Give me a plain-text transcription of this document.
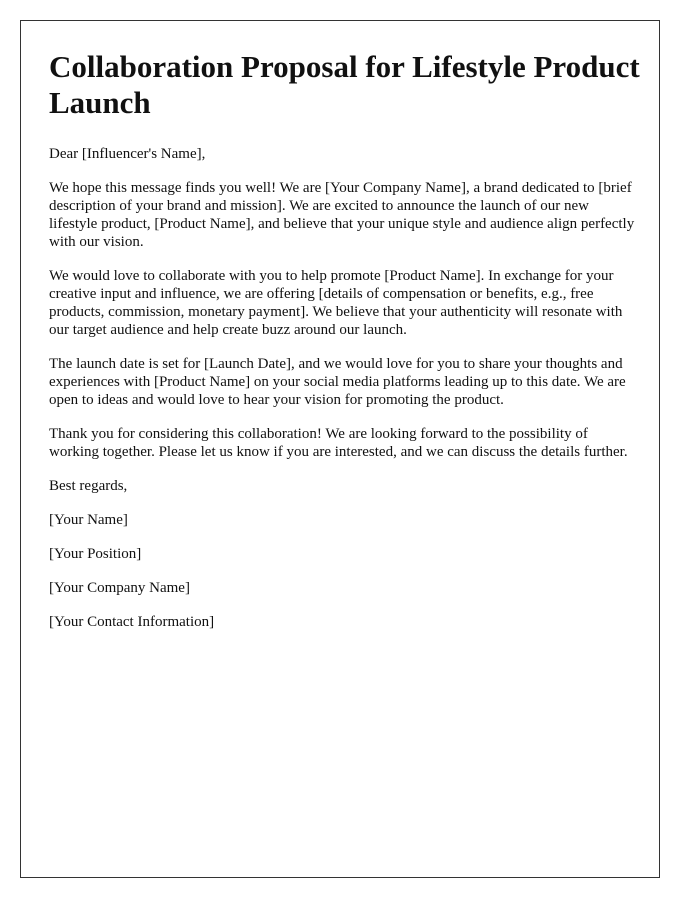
Collaboration Proposal for Lifestyle Product Launch

Dear [Influencer's Name],

We hope this message finds you well! We are [Your Company Name], a brand dedicated to [brief description of your brand and mission]. We are excited to announce the launch of our new lifestyle product, [Product Name], and believe that your unique style and audience align perfectly with our vision.

We would love to collaborate with you to help promote [Product Name]. In exchange for your creative input and influence, we are offering [details of compensation or benefits, e.g., free products, commission, monetary payment]. We believe that your authenticity will resonate with our target audience and help create buzz around our launch.

The launch date is set for [Launch Date], and we would love for you to share your thoughts and experiences with [Product Name] on your social media platforms leading up to this date. We are open to ideas and would love to hear your vision for promoting the product.

Thank you for considering this collaboration! We are looking forward to the possibility of working together. Please let us know if you are interested, and we can discuss the details further.

Best regards,

[Your Name]

[Your Position]

[Your Company Name]

[Your Contact Information]
